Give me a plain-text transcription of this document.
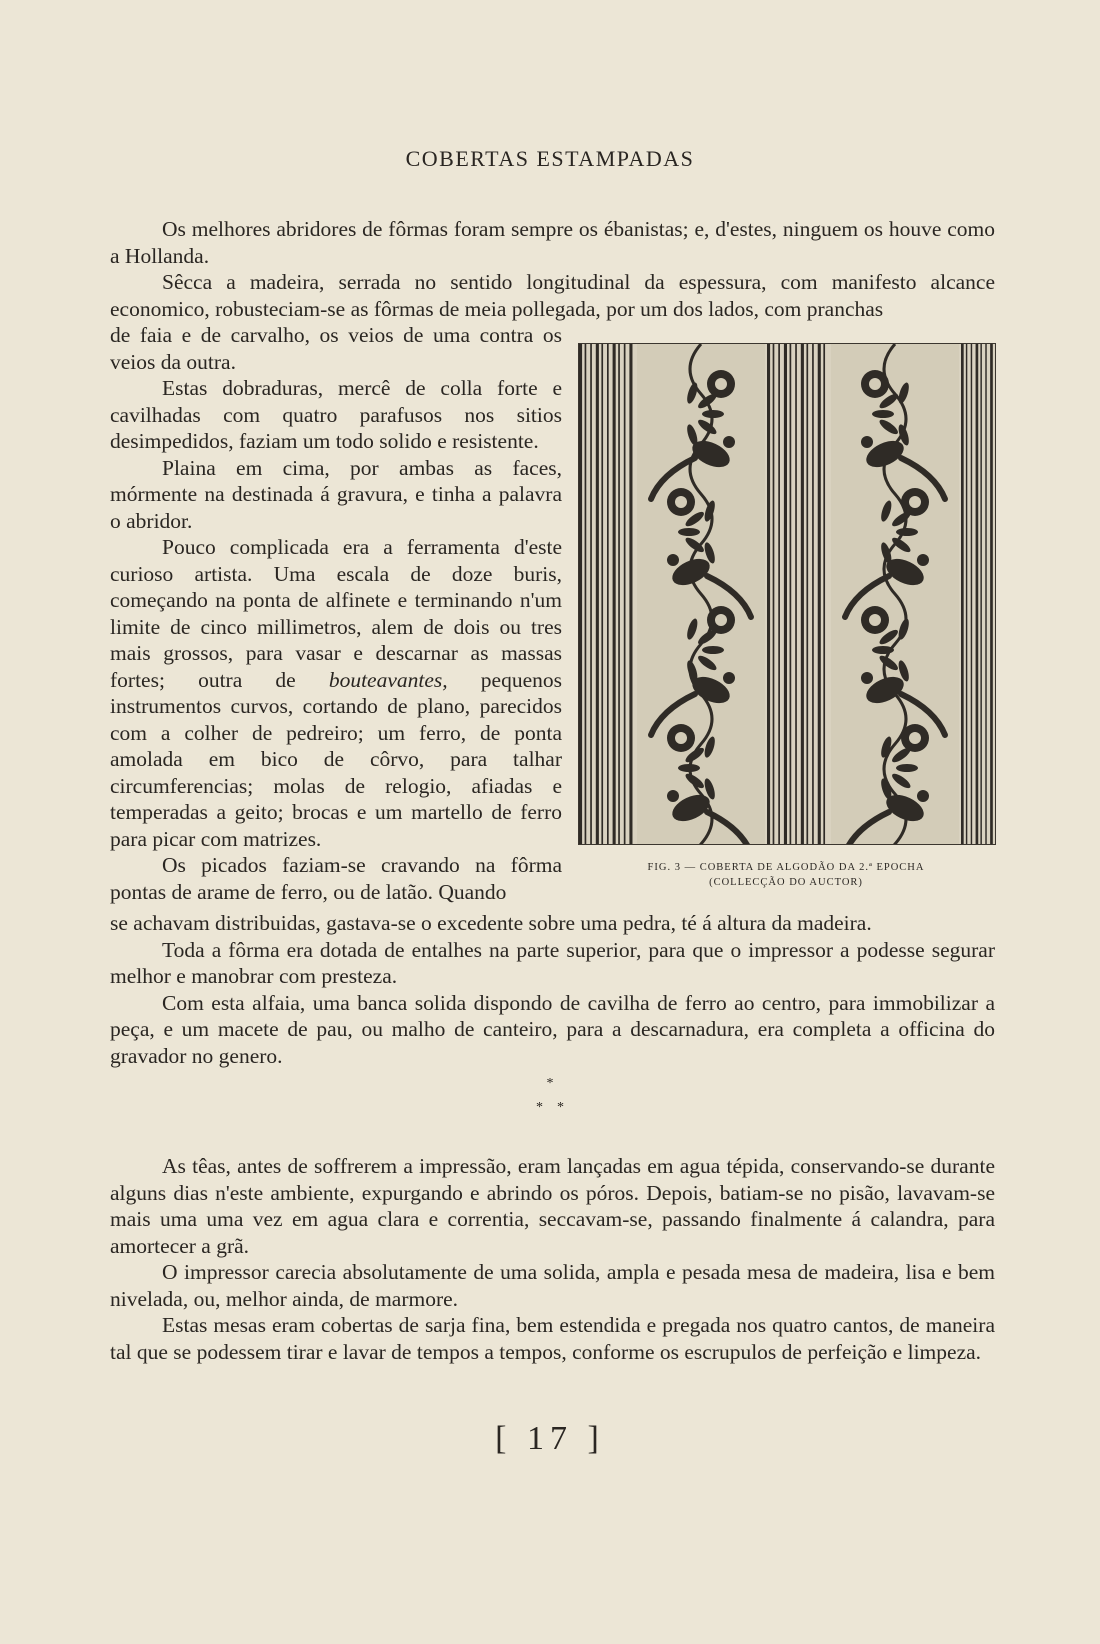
COBERTAS ESTAMPADAS

Os melhores abridores de fôrmas foram sempre os ébanistas; e, d'estes, ninguem os houve como a Hollanda.

Sêcca a madeira, serrada no sentido longitudinal da espessura, com manifesto alcance economico, robusteciam-se as fôrmas de meia pollegada, por um dos lados, com pranchas

de faia e de carvalho, os veios de uma contra os veios da outra.

Estas dobraduras, mercê de colla forte e cavilhadas com quatro parafusos nos sitios desimpedidos, faziam um todo solido e resistente.

Plaina em cima, por ambas as faces, mórmente na destinada á gravura, e tinha a palavra o abridor.

Pouco complicada era a ferramenta d'este curioso artista. Uma escala de doze buris, começando na ponta de alfinete e terminando n'um limite de cinco millimetros, alem de dois ou tres mais grossos, para vasar e descarnar as massas fortes; outra de bouteavantes, pequenos instrumentos curvos, cortando de plano, parecidos com a colher de pedreiro; um ferro, de ponta amolada em bico de côrvo, para talhar circumferencias; molas de relogio, afiadas e temperadas a geito; brocas e um martello de ferro para picar com matrizes.

Os picados faziam-se cravando na fôrma pontas de arame de ferro, ou de latão. Quando

FIG. 3 — COBERTA DE ALGODÃO DA 2.ª EPOCHA
(COLLECÇÃO DO AUCTOR)

se achavam distribuidas, gastava-se o excedente sobre uma pedra, té á altura da madeira.

Toda a fôrma era dotada de entalhes na parte superior, para que o impressor a podesse segurar melhor e manobrar com presteza.

Com esta alfaia, uma banca solida dispondo de cavilha de ferro ao centro, para immobilizar a peça, e um macete de pau, ou malho de canteiro, para a descarnadura, era completa a officina do gravador no genero.

*
*    *

As têas, antes de soffrerem a impressão, eram lançadas em agua tépida, conservando-se durante alguns dias n'este ambiente, expurgando e abrindo os póros. Depois, batiam-se no pisão, lavavam-se mais uma uma vez em agua clara e correntia, seccavam-se, passando finalmente á calandra, para amortecer a grã.

O impressor carecia absolutamente de uma solida, ampla e pesada mesa de madeira, lisa e bem nivelada, ou, melhor ainda, de marmore.

Estas mesas eram cobertas de sarja fina, bem estendida e pregada nos quatro cantos, de maneira tal que se podessem tirar e lavar de tempos a tempos, conforme os escrupulos de perfeição e limpeza.

[ 17 ]
